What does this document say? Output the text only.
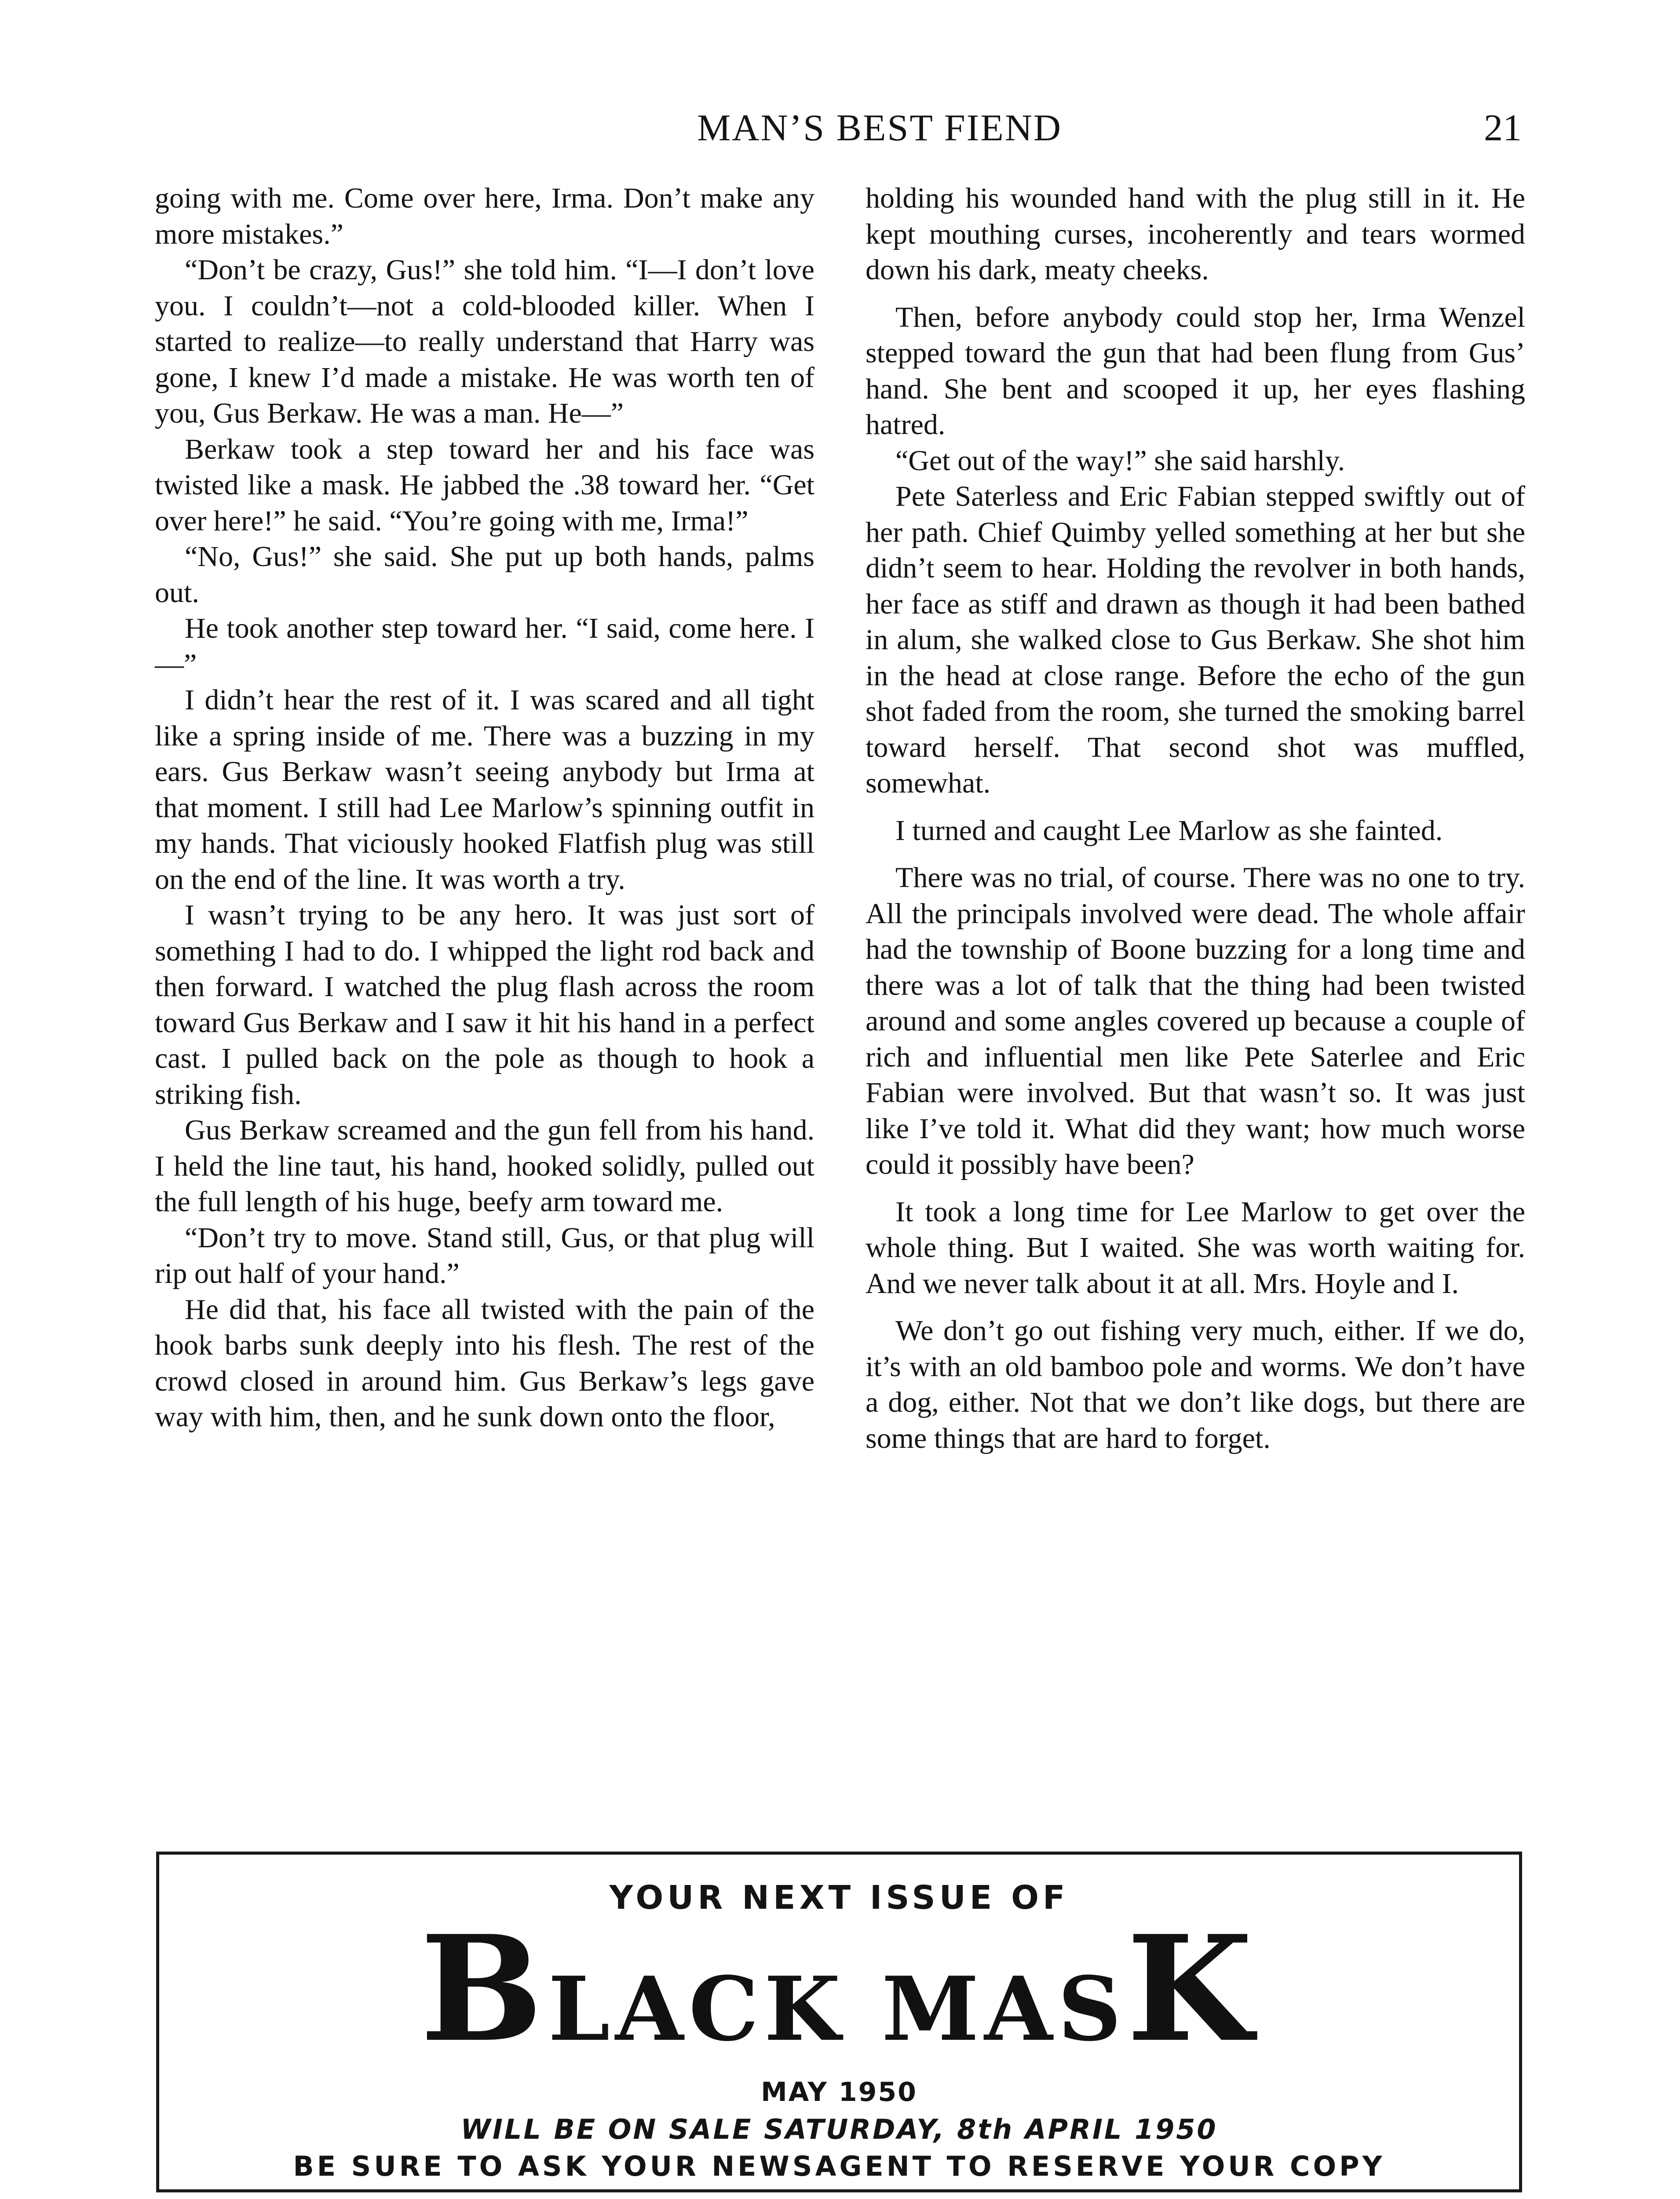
MAN’S BEST FIEND	21

going with me. Come over here, Irma. Don’t make any more mistakes.”

“Don’t be crazy, Gus!” she told him. “I—I don’t love you. I couldn’t—not a cold-blooded killer. When I started to realize—to really understand that Harry was gone, I knew I’d made a mistake. He was worth ten of you, Gus Berkaw. He was a man. He—”

Berkaw took a step toward her and his face was twisted like a mask. He jabbed the .38 toward her. “Get over here!” he said. “You’re going with me, Irma!”

“No, Gus!” she said. She put up both hands, palms out.

He took another step toward her. “I said, come here. I—”

I didn’t hear the rest of it. I was scared and all tight like a spring inside of me. There was a buzzing in my ears. Gus Berkaw wasn’t seeing anybody but Irma at that moment. I still had Lee Marlow’s spinning outfit in my hands. That viciously hooked Flatfish plug was still on the end of the line. It was worth a try.

I wasn’t trying to be any hero. It was just sort of something I had to do. I whipped the light rod back and then forward. I watched the plug flash across the room toward Gus Berkaw and I saw it hit his hand in a perfect cast. I pulled back on the pole as though to hook a striking fish.

Gus Berkaw screamed and the gun fell from his hand. I held the line taut, his hand, hooked solidly, pulled out the full length of his huge, beefy arm toward me.

“Don’t try to move. Stand still, Gus, or that plug will rip out half of your hand.”

He did that, his face all twisted with the pain of the hook barbs sunk deeply into his flesh. The rest of the crowd closed in around him. Gus Berkaw’s legs gave way with him, then, and he sunk down onto the floor,

holding his wounded hand with the plug still in it. He kept mouthing curses, incoherently and tears wormed down his dark, meaty cheeks.

Then, before anybody could stop her, Irma Wenzel stepped toward the gun that had been flung from Gus’ hand. She bent and scooped it up, her eyes flashing hatred.

“Get out of the way!” she said harshly.

Pete Saterless and Eric Fabian stepped swiftly out of her path. Chief Quimby yelled something at her but she didn’t seem to hear. Holding the revolver in both hands, her face as stiff and drawn as though it had been bathed in alum, she walked close to Gus Berkaw. She shot him in the head at close range. Before the echo of the gun shot faded from the room, she turned the smoking barrel toward herself. That second shot was muffled, somewhat.

I turned and caught Lee Marlow as she fainted.

There was no trial, of course. There was no one to try. All the principals involved were dead. The whole affair had the township of Boone buzzing for a long time and there was a lot of talk that the thing had been twisted around and some angles covered up because a couple of rich and influential men like Pete Saterlee and Eric Fabian were involved. But that wasn’t so. It was just like I’ve told it. What did they want; how much worse could it possibly have been?

It took a long time for Lee Marlow to get over the whole thing. But I waited. She was worth waiting for. And we never talk about it at all. Mrs. Hoyle and I.

We don’t go out fishing very much, either. If we do, it’s with an old bamboo pole and worms. We don’t have a dog, either. Not that we don’t like dogs, but there are some things that are hard to forget.

YOUR NEXT ISSUE OF
BLACK MASK
MAY 1950
WILL BE ON SALE SATURDAY, 8th APRIL 1950
BE SURE TO ASK YOUR NEWSAGENT TO RESERVE YOUR COPY
